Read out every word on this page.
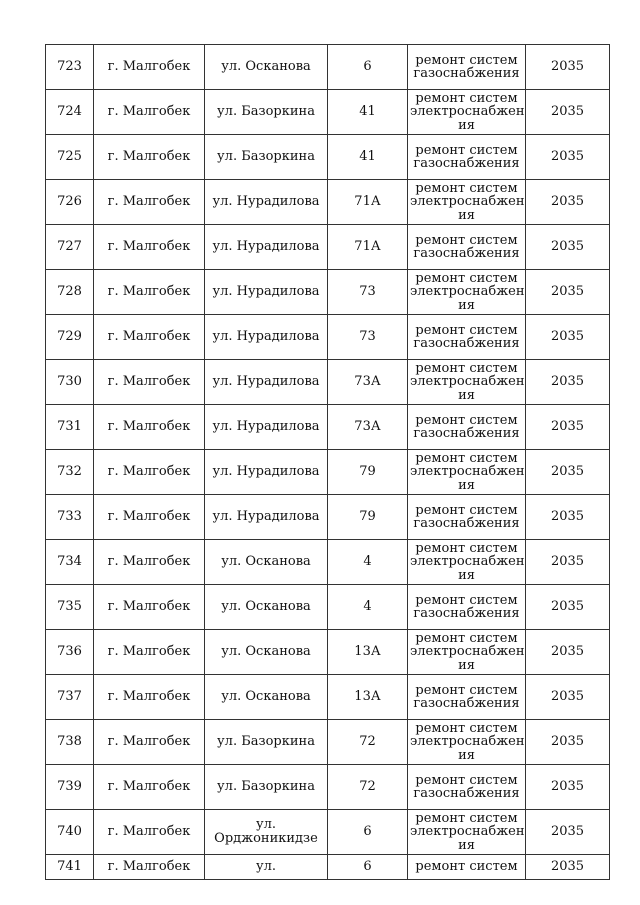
723	г. Малгобек	ул. Осканова	6	ремонт систем газоснабжения	2035
724	г. Малгобек	ул. Базоркина	41	ремонт систем электроснабжен ия	2035
725	г. Малгобек	ул. Базоркина	41	ремонт систем газоснабжения	2035
726	г. Малгобек	ул. Нурадилова	71А	ремонт систем электроснабжен ия	2035
727	г. Малгобек	ул. Нурадилова	71А	ремонт систем газоснабжения	2035
728	г. Малгобек	ул. Нурадилова	73	ремонт систем электроснабжен ия	2035
729	г. Малгобек	ул. Нурадилова	73	ремонт систем газоснабжения	2035
730	г. Малгобек	ул. Нурадилова	73А	ремонт систем электроснабжен ия	2035
731	г. Малгобек	ул. Нурадилова	73А	ремонт систем газоснабжения	2035
732	г. Малгобек	ул. Нурадилова	79	ремонт систем электроснабжен ия	2035
733	г. Малгобек	ул. Нурадилова	79	ремонт систем газоснабжения	2035
734	г. Малгобек	ул. Осканова	4	ремонт систем электроснабжен ия	2035
735	г. Малгобек	ул. Осканова	4	ремонт систем газоснабжения	2035
736	г. Малгобек	ул. Осканова	13А	ремонт систем электроснабжен ия	2035
737	г. Малгобек	ул. Осканова	13А	ремонт систем газоснабжения	2035
738	г. Малгобек	ул. Базоркина	72	ремонт систем электроснабжен ия	2035
739	г. Малгобек	ул. Базоркина	72	ремонт систем газоснабжения	2035
740	г. Малгобек	ул. Орджоникидзе	6	ремонт систем электроснабжен ия	2035
741	г. Малгобек	ул.	6	ремонт систем	2035
